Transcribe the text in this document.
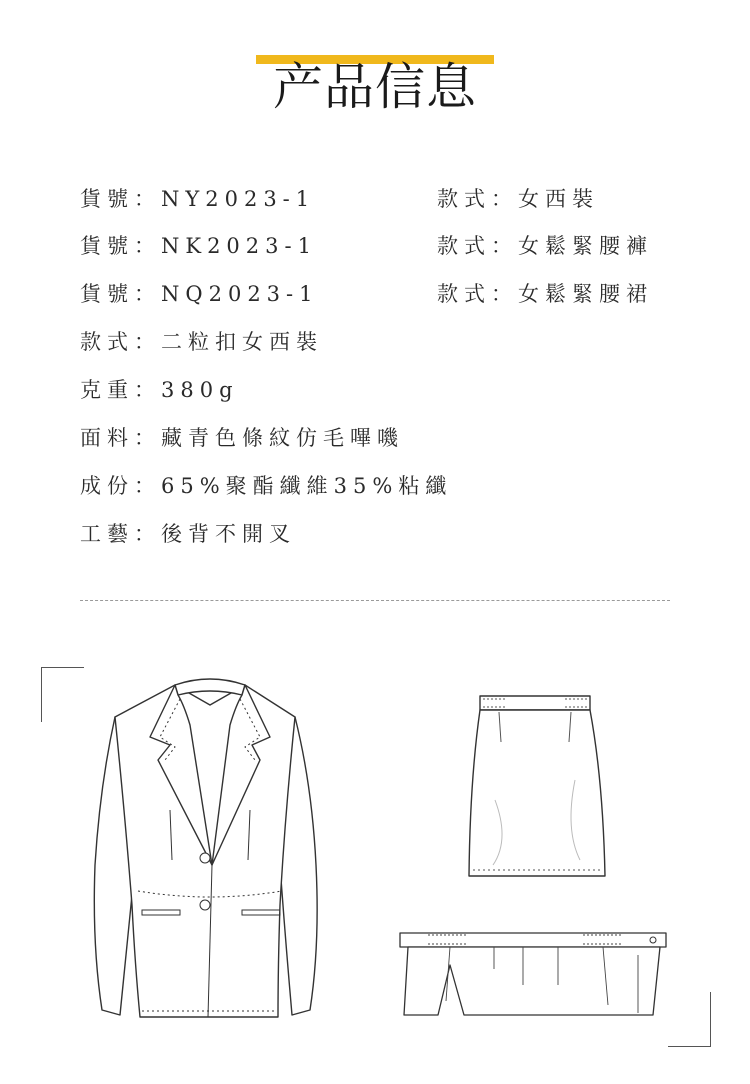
产品信息
貨號：NY2023-1
貨號：NK2023-1
貨號：NQ2023-1
款式：二粒扣女西裝
克重：380g
面料：藏青色條紋仿毛嗶嘰
成份：65%聚酯纖維35%粘纖
工藝：後背不開叉
款式：女西裝
款式：女鬆緊腰褲
款式：女鬆緊腰裙
